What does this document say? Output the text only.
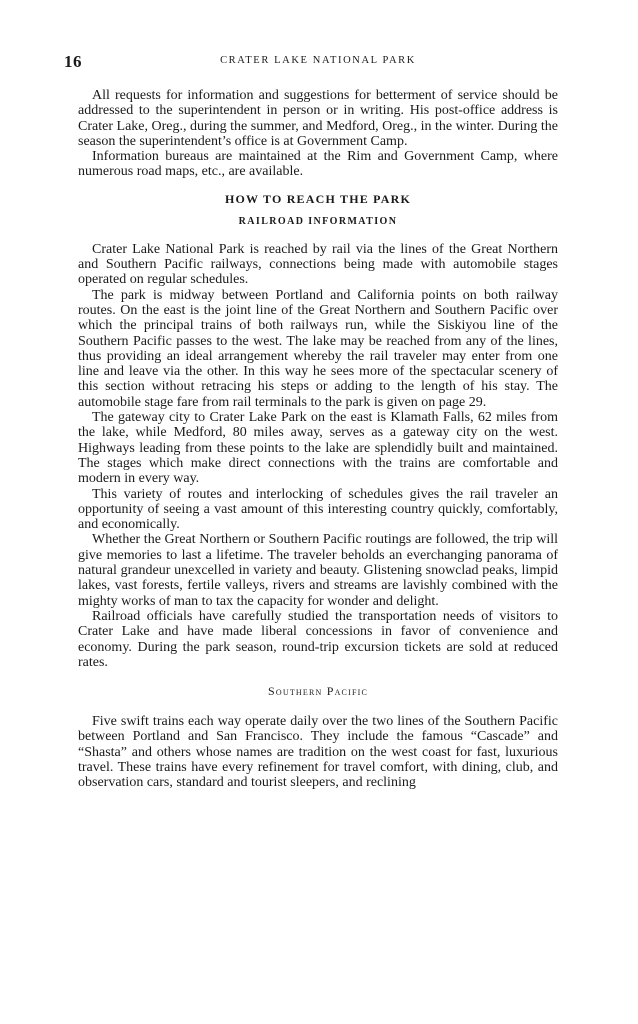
16	CRATER LAKE NATIONAL PARK

All requests for information and suggestions for betterment of service should be addressed to the superintendent in person or in writing. His post-office address is Crater Lake, Oreg., during the summer, and Medford, Oreg., in the winter. During the season the superintendent’s office is at Government Camp.

Information bureaus are maintained at the Rim and Government Camp, where numerous road maps, etc., are available.

HOW TO REACH THE PARK
RAILROAD INFORMATION

Crater Lake National Park is reached by rail via the lines of the Great Northern and Southern Pacific railways, connections being made with automobile stages operated on regular schedules.

The park is midway between Portland and California points on both railway routes. On the east is the joint line of the Great Northern and Southern Pacific over which the principal trains of both railways run, while the Siskiyou line of the Southern Pacific passes to the west. The lake may be reached from any of the lines, thus providing an ideal arrangement whereby the rail traveler may enter from one line and leave via the other. In this way he sees more of the spectacular scenery of this section without retracing his steps or adding to the length of his stay. The automobile stage fare from rail terminals to the park is given on page 29.

The gateway city to Crater Lake Park on the east is Klamath Falls, 62 miles from the lake, while Medford, 80 miles away, serves as a gateway city on the west. Highways leading from these points to the lake are splendidly built and maintained. The stages which make direct connections with the trains are comfortable and modern in every way.

This variety of routes and interlocking of schedules gives the rail traveler an opportunity of seeing a vast amount of this interesting country quickly, comfortably, and economically.

Whether the Great Northern or Southern Pacific routings are followed, the trip will give memories to last a lifetime. The traveler beholds an everchanging panorama of natural grandeur unexcelled in variety and beauty. Glistening snowclad peaks, limpid lakes, vast forests, fertile valleys, rivers and streams are lavishly combined with the mighty works of man to tax the capacity for wonder and delight.

Railroad officials have carefully studied the transportation needs of visitors to Crater Lake and have made liberal concessions in favor of convenience and economy. During the park season, round-trip excursion tickets are sold at reduced rates.

Southern Pacific

Five swift trains each way operate daily over the two lines of the Southern Pacific between Portland and San Francisco. They include the famous “Cascade” and “Shasta” and others whose names are tradition on the west coast for fast, luxurious travel. These trains have every refinement for travel comfort, with dining, club, and observation cars, standard and tourist sleepers, and reclining
